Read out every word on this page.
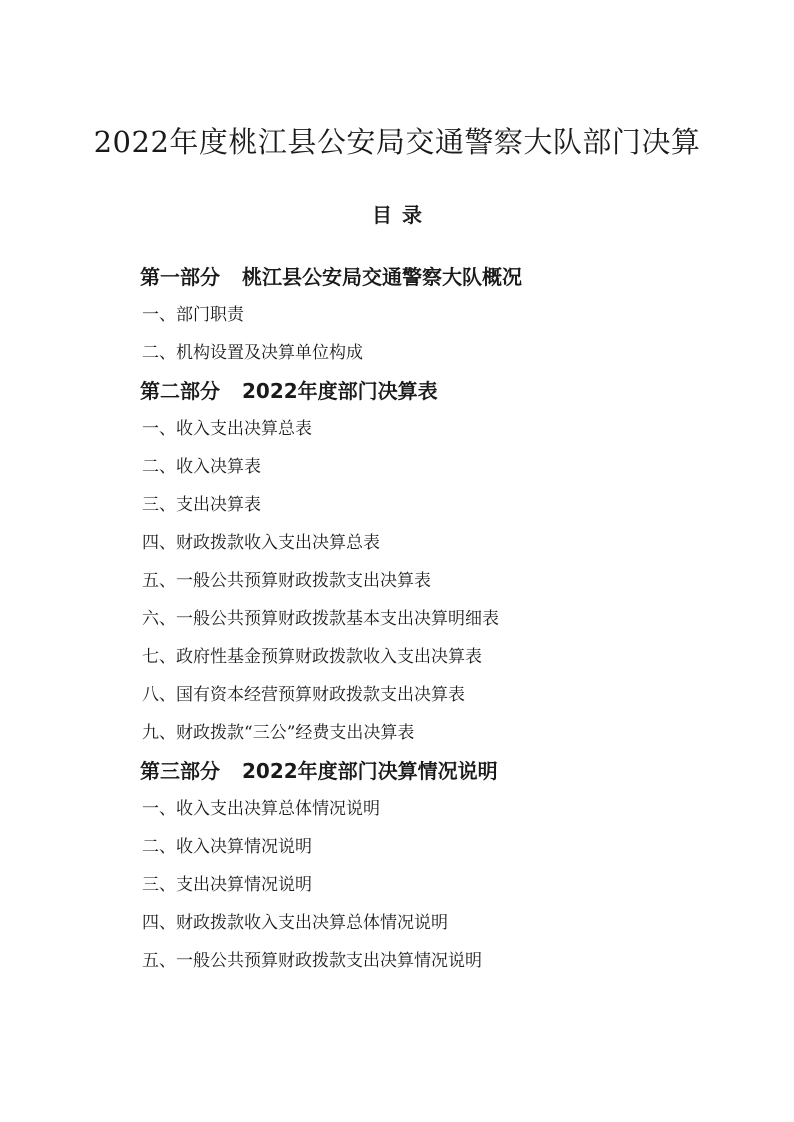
2022年度桃江县公安局交通警察大队部门决算
目录
第一部分 桃江县公安局交通警察大队概况
一、部门职责
二、机构设置及决算单位构成
第二部分 2022年度部门决算表
一、收入支出决算总表
二、收入决算表
三、支出决算表
四、财政拨款收入支出决算总表
五、一般公共预算财政拨款支出决算表
六、一般公共预算财政拨款基本支出决算明细表
七、政府性基金预算财政拨款收入支出决算表
八、国有资本经营预算财政拨款支出决算表
九、财政拨款“三公”经费支出决算表
第三部分 2022年度部门决算情况说明
一、收入支出决算总体情况说明
二、收入决算情况说明
三、支出决算情况说明
四、财政拨款收入支出决算总体情况说明
五、一般公共预算财政拨款支出决算情况说明
